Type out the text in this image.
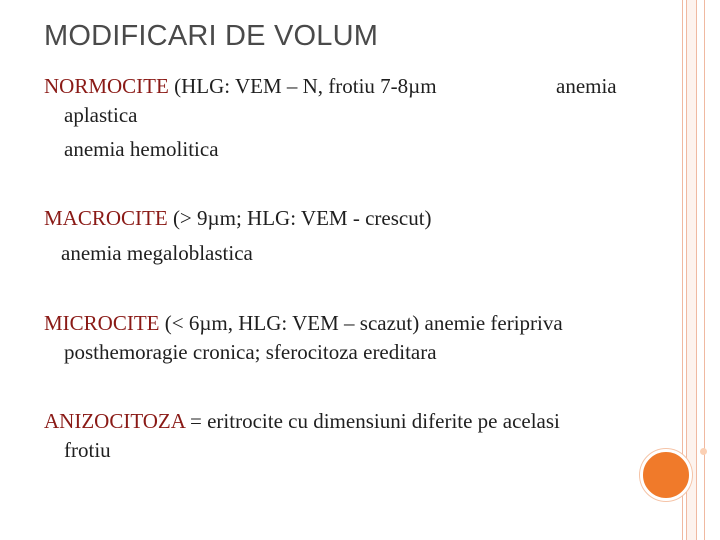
MODIFICARI DE VOLUM
NORMOCITE (HLG: VEM – N, frotiu 7-8µm	anemia
aplastica
anemia hemolitica
MACROCITE (> 9µm; HLG: VEM - crescut)
anemia megaloblastica
MICROCITE (< 6µm, HLG: VEM – scazut) anemie feripriva
posthemoragie cronica; sferocitoza ereditara
ANIZOCITOZA = eritrocite cu dimensiuni diferite pe acelasi
frotiu
